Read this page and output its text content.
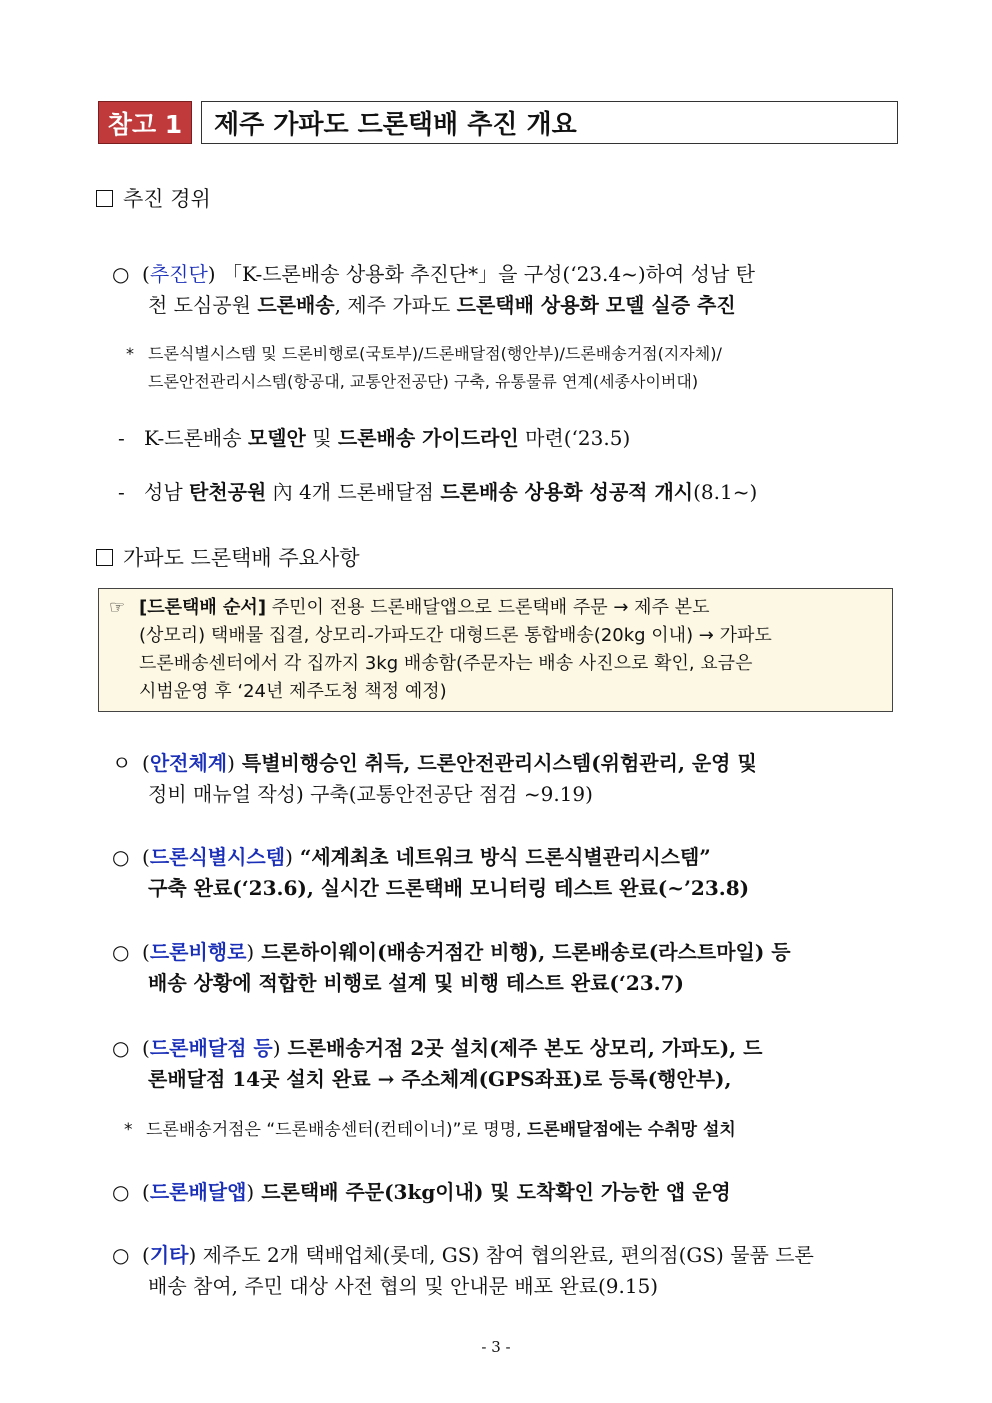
참고 1	제주 가파도 드론택배 추진 개요
추진 경위
○ (추진단) 「K-드론배송 상용화 추진단*」을 구성(‘23.4~)하여 성남 탄
천 도심공원 드론배송, 제주 가파도 드론택배 상용화 모델 실증 추진
* 드론식별시스템 및 드론비행로(국토부)/드론배달점(행안부)/드론배송거점(지자체)/
드론안전관리시스템(항공대, 교통안전공단) 구축, 유통물류 연계(세종사이버대)
- K-드론배송 모델안 및 드론배송 가이드라인 마련(‘23.5)
- 성남 탄천공원 內 4개 드론배달점 드론배송 상용화 성공적 개시(8.1~)
가파도 드론택배 주요사항
☞ [드론택배 순서] 주민이 전용 드론배달앱으로 드론택배 주문 → 제주 본도
(상모리) 택배물 집결, 상모리-가파도간 대형드론 통합배송(20kg 이내) → 가파도
드론배송센터에서 각 집까지 3kg 배송함(주문자는 배송 사진으로 확인, 요금은
시범운영 후 ‘24년 제주도청 책정 예정)
ㅇ (안전체계) 특별비행승인 취득, 드론안전관리시스템(위험관리, 운영 및
정비 매뉴얼 작성) 구축(교통안전공단 점검 ~9.19)
○ (드론식별시스템) “세계최초 네트워크 방식 드론식별관리시스템”
구축 완료(‘23.6), 실시간 드론택배 모니터링 테스트 완료(~’23.8)
○ (드론비행로) 드론하이웨이(배송거점간 비행), 드론배송로(라스트마일) 등
배송 상황에 적합한 비행로 설계 및 비행 테스트 완료(‘23.7)
○ (드론배달점 등) 드론배송거점 2곳 설치(제주 본도 상모리, 가파도), 드
론배달점 14곳 설치 완료 → 주소체계(GPS좌표)로 등록(행안부),
* 드론배송거점은 “드론배송센터(컨테이너)”로 명명, 드론배달점에는 수취망 설치
○ (드론배달앱) 드론택배 주문(3kg이내) 및 도착확인 가능한 앱 운영
○ (기타) 제주도 2개 택배업체(롯데, GS) 참여 협의완료, 편의점(GS) 물품 드론
배송 참여, 주민 대상 사전 협의 및 안내문 배포 완료(9.15)
- 3 -
